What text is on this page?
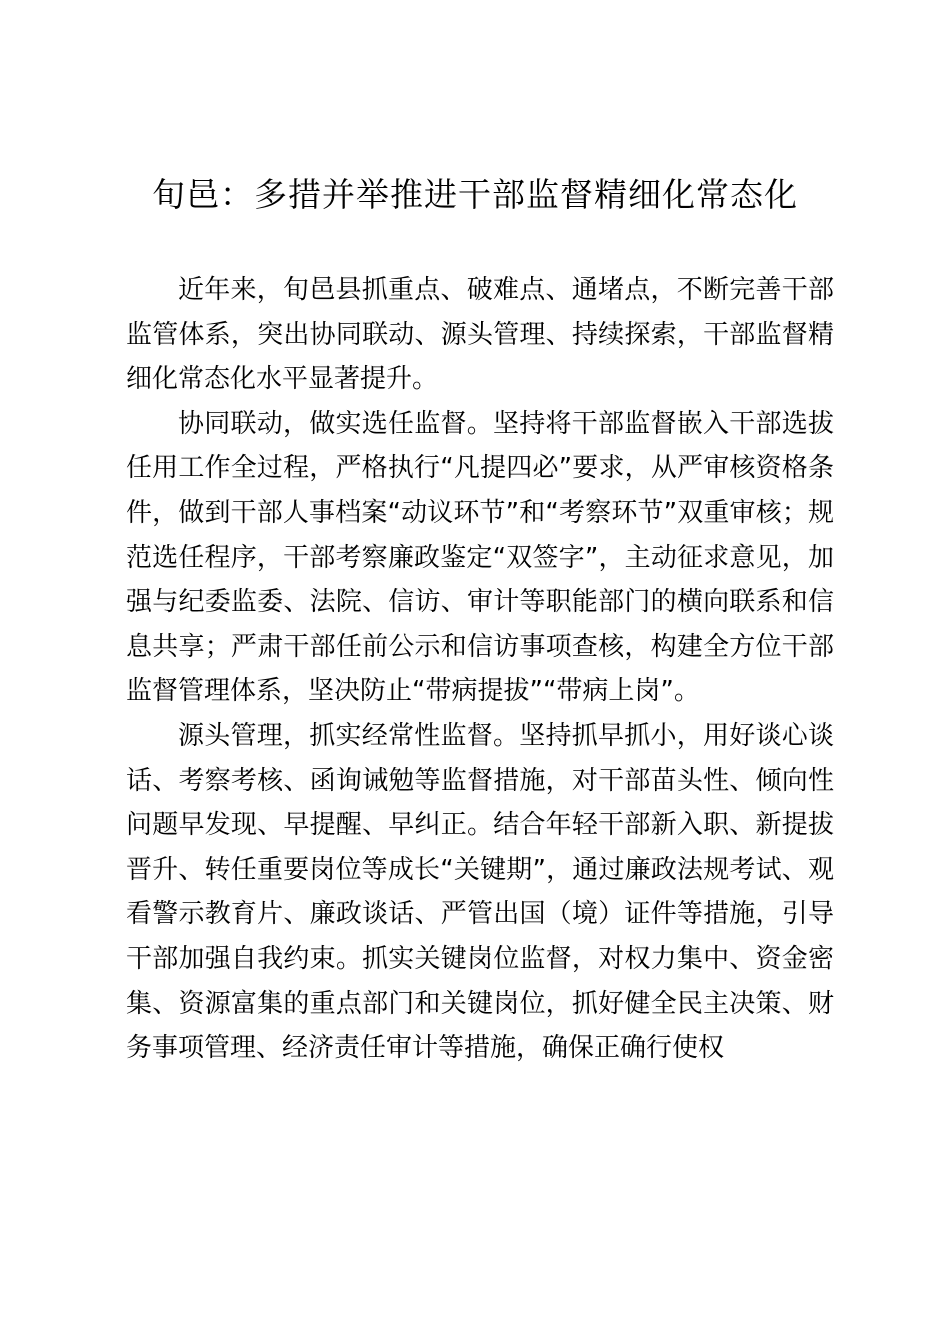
旬邑：多措并举推进干部监督精细化常态化

近年来，旬邑县抓重点、破难点、通堵点，不断完善干部监管体系，突出协同联动、源头管理、持续探索，干部监督精细化常态化水平显著提升。

协同联动，做实选任监督。坚持将干部监督嵌入干部选拔任用工作全过程，严格执行“凡提四必”要求，从严审核资格条件，做到干部人事档案“动议环节”和“考察环节”双重审核；规范选任程序，干部考察廉政鉴定“双签字”，主动征求意见，加强与纪委监委、法院、信访、审计等职能部门的横向联系和信息共享；严肃干部任前公示和信访事项查核，构建全方位干部监督管理体系，坚决防止“带病提拔”“带病上岗”。

源头管理，抓实经常性监督。坚持抓早抓小，用好谈心谈话、考察考核、函询诫勉等监督措施，对干部苗头性、倾向性问题早发现、早提醒、早纠正。结合年轻干部新入职、新提拔晋升、转任重要岗位等成长“关键期”，通过廉政法规考试、观看警示教育片、廉政谈话、严管出国（境）证件等措施，引导干部加强自我约束。抓实关键岗位监督，对权力集中、资金密集、资源富集的重点部门和关键岗位，抓好健全民主决策、财务事项管理、经济责任审计等措施，确保正确行使权
